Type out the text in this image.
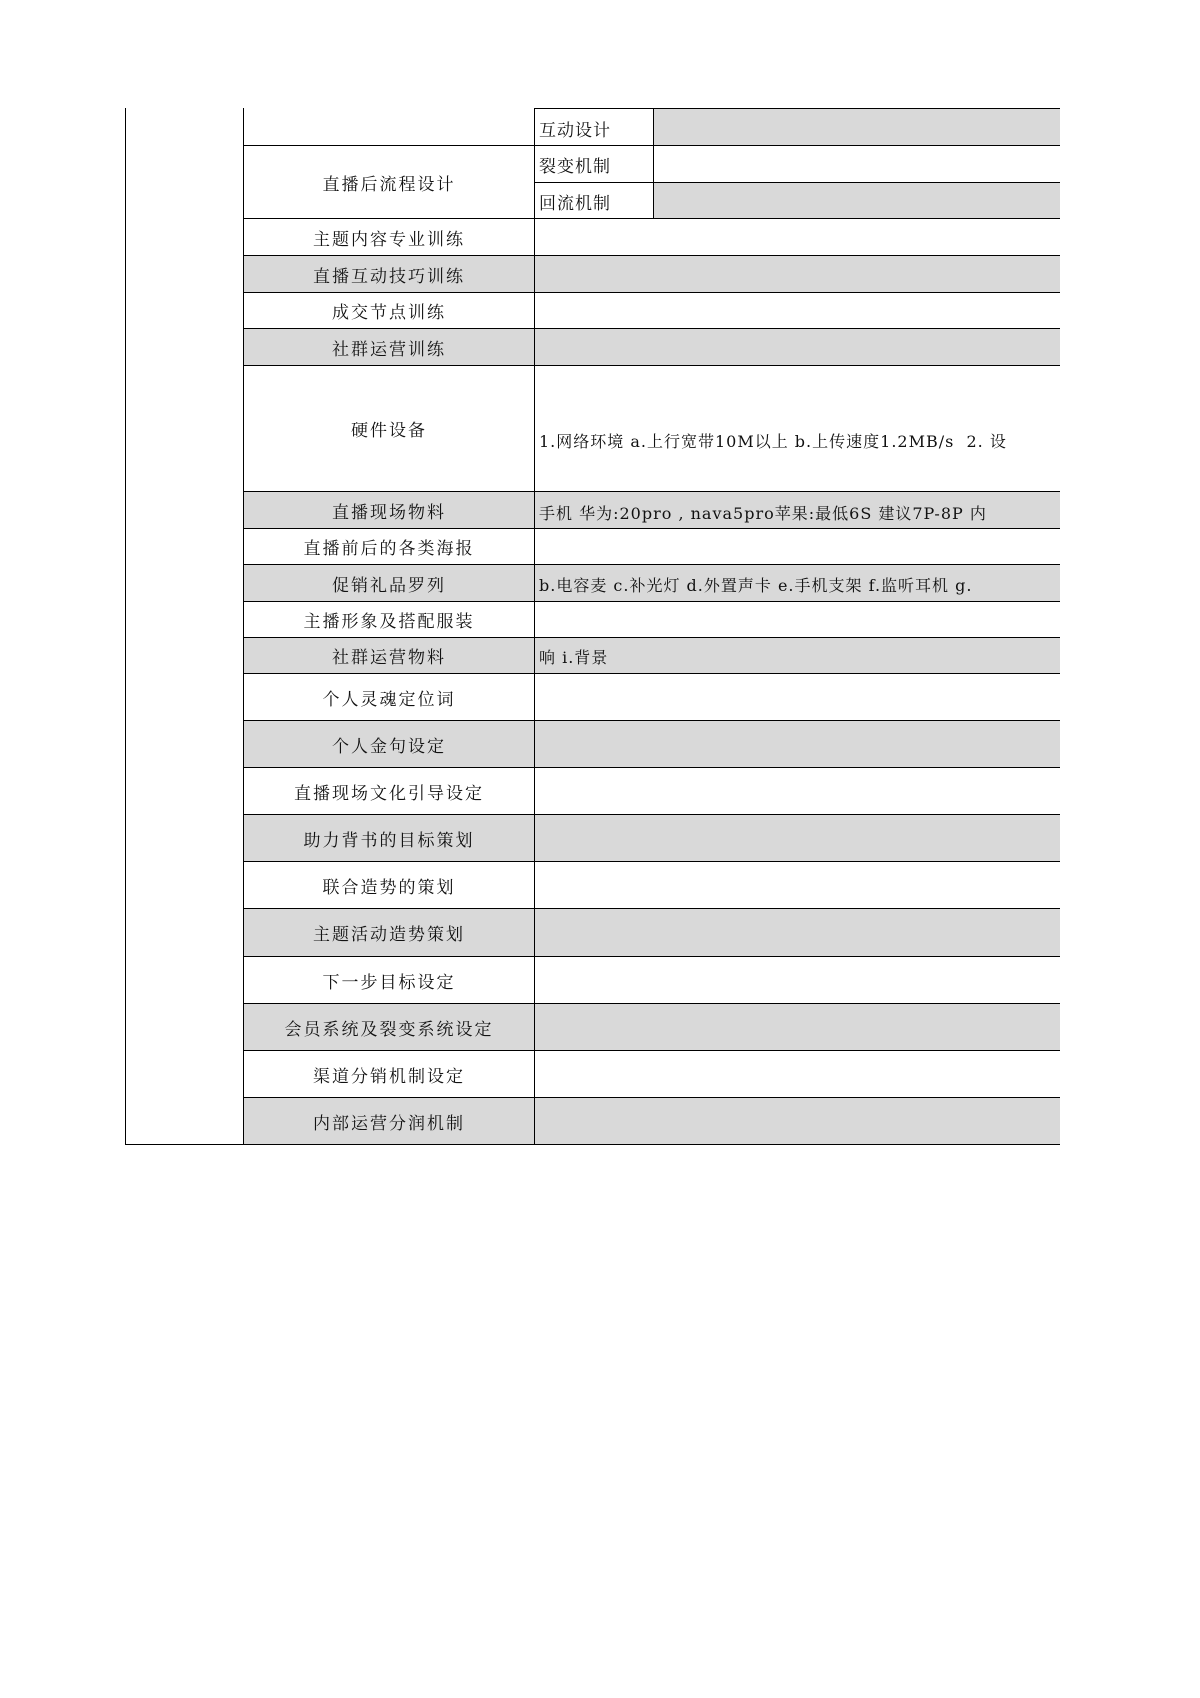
互动设计
裂变机制
回流机制
直播后流程设计
主题内容专业训练
直播互动技巧训练
成交节点训练
社群运营训练
硬件设备
直播现场物料
直播前后的各类海报
促销礼品罗列
主播形象及搭配服装
社群运营物料
个人灵魂定位词
个人金句设定
直播现场文化引导设定
助力背书的目标策划
联合造势的策划
主题活动造势策划
下一步目标设定
会员系统及裂变系统设定
渠道分销机制设定
内部运营分润机制

1.网络环境 a.上行宽带10M以上 b.上传速度1.2MB/s  2. 设

手机 华为:20pro , nava5pro苹果:最低6S 建议7P-8P 内

b.电容麦 c.补光灯 d.外置声卡 e.手机支架 f.监听耳机 g.

响 i.背景
